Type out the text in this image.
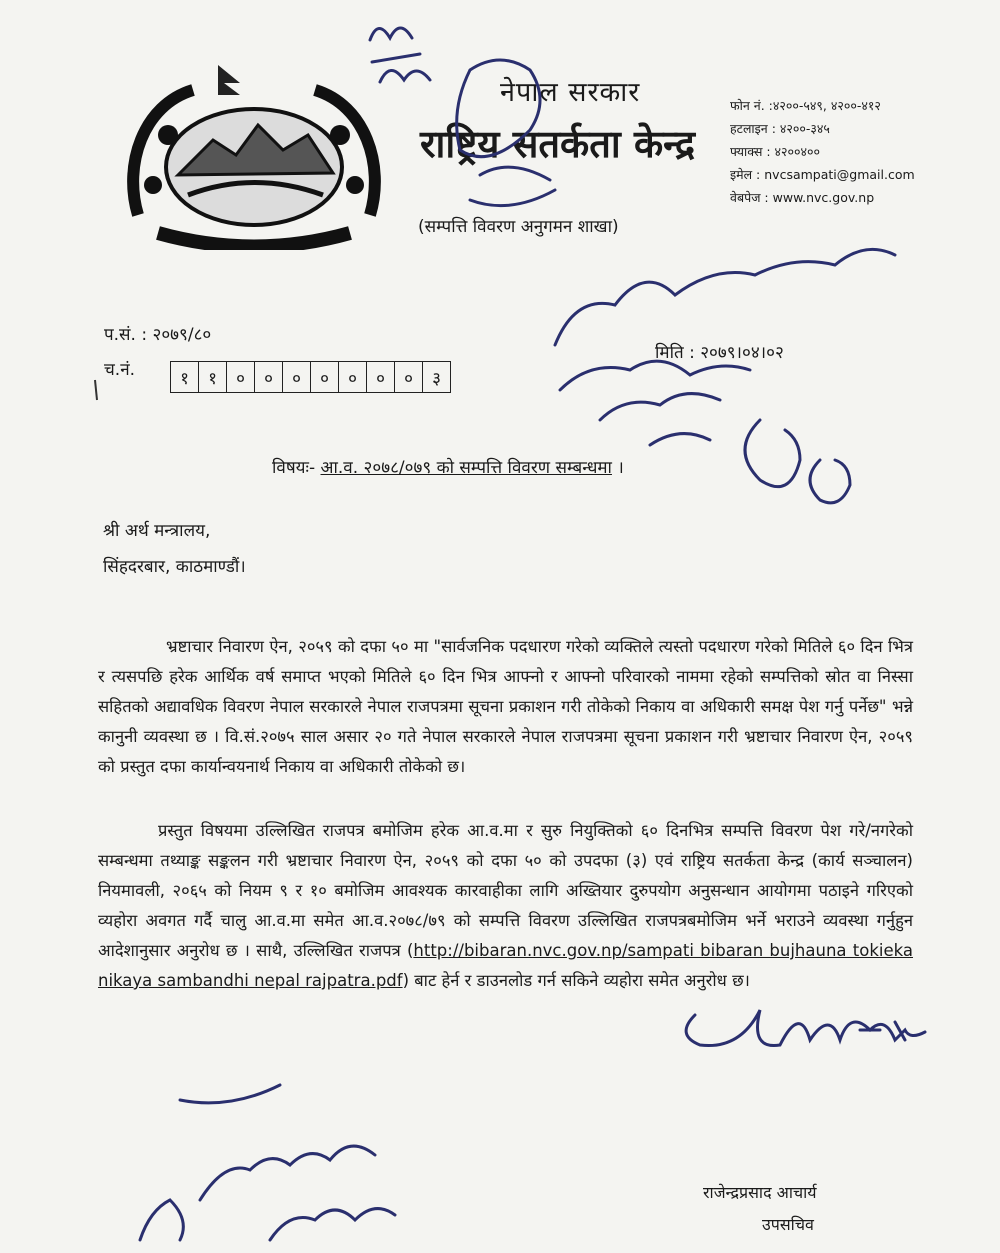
नेपाल सरकार
राष्ट्रिय सतर्कता केन्द्र
(सम्पत्ति विवरण अनुगमन शाखा)
फोन नं. :४२००-५४९, ४२००-४१२
हटलाइन : ४२००-३४५
फ्याक्स : ४२००४००
इमेल : nvcsampati@gmail.com
वेबपेज : www.nvc.gov.np
प.सं. : २०७९/८०
च.नं.	१	१	०	०	०	०	०	०	०	३
मिति : २०७९।०४।०२
विषयः- आ.व. २०७८/०७९ को सम्पत्ति विवरण सम्बन्धमा ।
श्री अर्थ मन्त्रालय,
सिंहदरबार, काठमाण्डौं।
भ्रष्टाचार निवारण ऐन, २०५९ को दफा ५० मा "सार्वजनिक पदधारण गरेको व्यक्तिले त्यस्तो पदधारण गरेको मितिले ६० दिन भित्र र त्यसपछि हरेक आर्थिक वर्ष समाप्त भएको मितिले ६० दिन भित्र आफ्नो र आफ्नो परिवारको नाममा रहेको सम्पत्तिको स्रोत वा निस्सा सहितको अद्यावधिक विवरण नेपाल सरकारले नेपाल राजपत्रमा सूचना प्रकाशन गरी तोकेको निकाय वा अधिकारी समक्ष पेश गर्नु पर्नेछ" भन्ने कानुनी व्यवस्था छ । वि.सं.२०७५ साल असार २० गते नेपाल सरकारले नेपाल राजपत्रमा सूचना प्रकाशन गरी भ्रष्टाचार निवारण ऐन, २०५९ को प्रस्तुत दफा कार्यान्वयनार्थ निकाय वा अधिकारी तोकेको छ।
प्रस्तुत विषयमा उल्लिखित राजपत्र बमोजिम हरेक आ.व.मा र सुरु नियुक्तिको ६० दिनभित्र सम्पत्ति विवरण पेश गरे/नगरेको सम्बन्धमा तथ्याङ्क सङ्कलन गरी भ्रष्टाचार निवारण ऐन, २०५९ को दफा ५० को उपदफा (३) एवं राष्ट्रिय सतर्कता केन्द्र (कार्य सञ्चालन) नियमावली, २०६५ को नियम ९ र १० बमोजिम आवश्यक कारवाहीका लागि अख्तियार दुरुपयोग अनुसन्धान आयोगमा पठाइने गरिएको व्यहोरा अवगत गर्दै चालु आ.व.मा समेत आ.व.२०७८/७९ को सम्पत्ति विवरण उल्लिखित राजपत्रबमोजिम भर्ने भराउने व्यवस्था गर्नुहुन आदेशानुसार अनुरोध छ । साथै, उल्लिखित राजपत्र (http://bibaran.nvc.gov.np/sampati bibaran bujhauna tokieka nikaya sambandhi nepal rajpatra.pdf) बाट हेर्न र डाउनलोड गर्न सकिने व्यहोरा समेत अनुरोध छ।
राजेन्द्रप्रसाद आचार्य
उपसचिव
